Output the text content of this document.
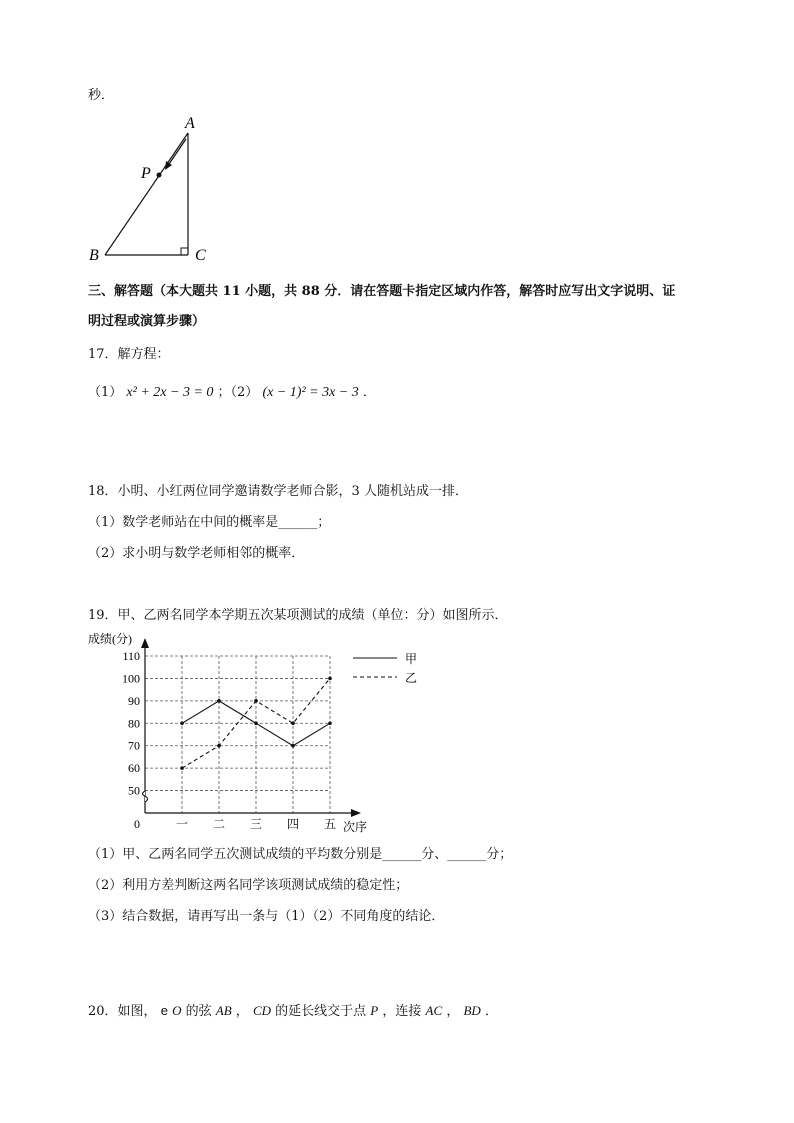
秒．
A
P
B	C
三、解答题（本大题共 11 小题，共 88 分．请在答题卡指定区域内作答，解答时应写出文字说明、证
明过程或演算步骤）
17．解方程：
（1） x² + 2x − 3 = 0 ；（2） (x − 1)² = 3x − 3 ．
18．小明、小红两位同学邀请数学老师合影，3 人随机站成一排．
（1）数学老师站在中间的概率是______；
（2）求小明与数学老师相邻的概率．
19．甲、乙两名同学本学期五次某项测试的成绩（单位：分）如图所示．
50
60
70
80
90
100
110
一 二 三 四 五
0
成绩(分)
次序
甲
乙
（1）甲、乙两名同学五次测试成绩的平均数分别是______分、______分；
（2）利用方差判断这两名同学该项测试成绩的稳定性；
（3）结合数据，请再写出一条与（1）（2）不同角度的结论．
20．如图， e O 的弦 AB ， CD 的延长线交于点 P ，连接 AC ， BD ．
